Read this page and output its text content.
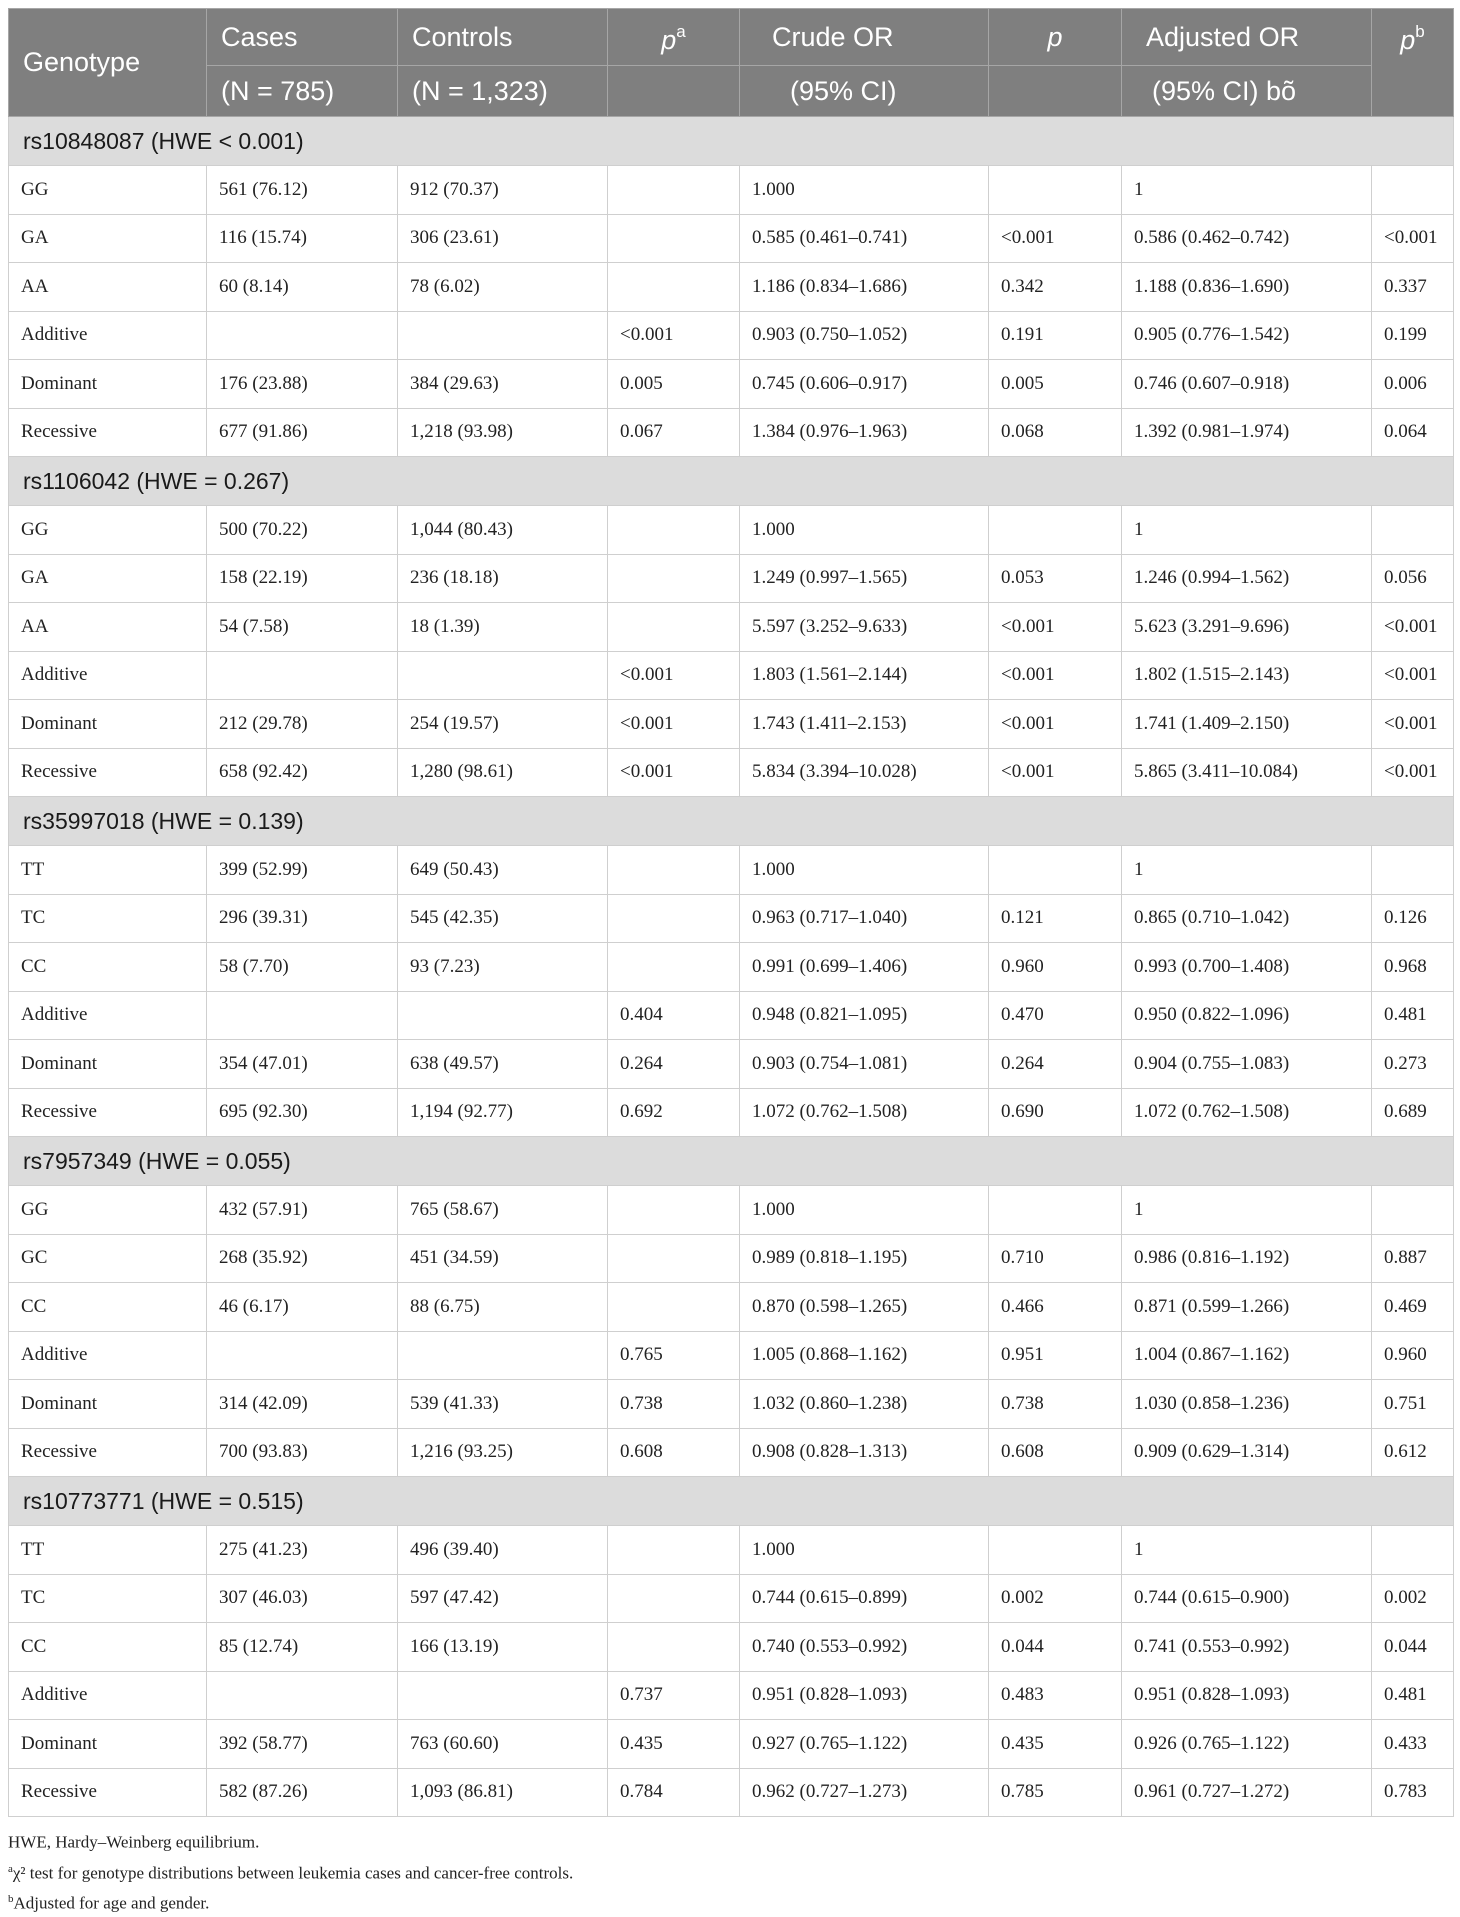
Genotype	Cases	Controls	$p^a$	Crude OR	p	Adjusted OR	$p^b$
	(N = 785)	(N = 1,323)		(95% CI)		(95% CI) bõ	
rs10848087 (HWE < 0.001)							
GG	561 (76.12)	912 (70.37)		1.000		1	
GA	116 (15.74)	306 (23.61)		0.585 (0.461–0.741)	<0.001	0.586 (0.462–0.742)	<0.001
AA	60 (8.14)	78 (6.02)		1.186 (0.834–1.686)	0.342	1.188 (0.836–1.690)	0.337
Additive			<0.001	0.903 (0.750–1.052)	0.191	0.905 (0.776–1.542)	0.199
Dominant	176 (23.88)	384 (29.63)	0.005	0.745 (0.606–0.917)	0.005	0.746 (0.607–0.918)	0.006
Recessive	677 (91.86)	1,218 (93.98)	0.067	1.384 (0.976–1.963)	0.068	1.392 (0.981–1.974)	0.064
rs1106042 (HWE = 0.267)							
GG	500 (70.22)	1,044 (80.43)		1.000		1	
GA	158 (22.19)	236 (18.18)		1.249 (0.997–1.565)	0.053	1.246 (0.994–1.562)	0.056
AA	54 (7.58)	18 (1.39)		5.597 (3.252–9.633)	<0.001	5.623 (3.291–9.696)	<0.001
Additive			<0.001	1.803 (1.561–2.144)	<0.001	1.802 (1.515–2.143)	<0.001
Dominant	212 (29.78)	254 (19.57)	<0.001	1.743 (1.411–2.153)	<0.001	1.741 (1.409–2.150)	<0.001
Recessive	658 (92.42)	1,280 (98.61)	<0.001	5.834 (3.394–10.028)	<0.001	5.865 (3.411–10.084)	<0.001
rs35997018 (HWE = 0.139)							
TT	399 (52.99)	649 (50.43)		1.000		1	
TC	296 (39.31)	545 (42.35)		0.963 (0.717–1.040)	0.121	0.865 (0.710–1.042)	0.126
CC	58 (7.70)	93 (7.23)		0.991 (0.699–1.406)	0.960	0.993 (0.700–1.408)	0.968
Additive			0.404	0.948 (0.821–1.095)	0.470	0.950 (0.822–1.096)	0.481
Dominant	354 (47.01)	638 (49.57)	0.264	0.903 (0.754–1.081)	0.264	0.904 (0.755–1.083)	0.273
Recessive	695 (92.30)	1,194 (92.77)	0.692	1.072 (0.762–1.508)	0.690	1.072 (0.762–1.508)	0.689
rs7957349 (HWE = 0.055)							
GG	432 (57.91)	765 (58.67)		1.000		1	
GC	268 (35.92)	451 (34.59)		0.989 (0.818–1.195)	0.710	0.986 (0.816–1.192)	0.887
CC	46 (6.17)	88 (6.75)		0.870 (0.598–1.265)	0.466	0.871 (0.599–1.266)	0.469
Additive			0.765	1.005 (0.868–1.162)	0.951	1.004 (0.867–1.162)	0.960
Dominant	314 (42.09)	539 (41.33)	0.738	1.032 (0.860–1.238)	0.738	1.030 (0.858–1.236)	0.751
Recessive	700 (93.83)	1,216 (93.25)	0.608	0.908 (0.828–1.313)	0.608	0.909 (0.629–1.314)	0.612
rs10773771 (HWE = 0.515)							
TT	275 (41.23)	496 (39.40)		1.000		1	
TC	307 (46.03)	597 (47.42)		0.744 (0.615–0.899)	0.002	0.744 (0.615–0.900)	0.002
CC	85 (12.74)	166 (13.19)		0.740 (0.553–0.992)	0.044	0.741 (0.553–0.992)	0.044
Additive			0.737	0.951 (0.828–1.093)	0.483	0.951 (0.828–1.093)	0.481
Dominant	392 (58.77)	763 (60.60)	0.435	0.927 (0.765–1.122)	0.435	0.926 (0.765–1.122)	0.433
Recessive	582 (87.26)	1,093 (86.81)	0.784	0.962 (0.727–1.273)	0.785	0.961 (0.727–1.272)	0.783
HWE, Hardy–Weinberg equilibrium.
$^a$χ² test for genotype distributions between leukemia cases and cancer-free controls.
$^b$Adjusted for age and gender.
